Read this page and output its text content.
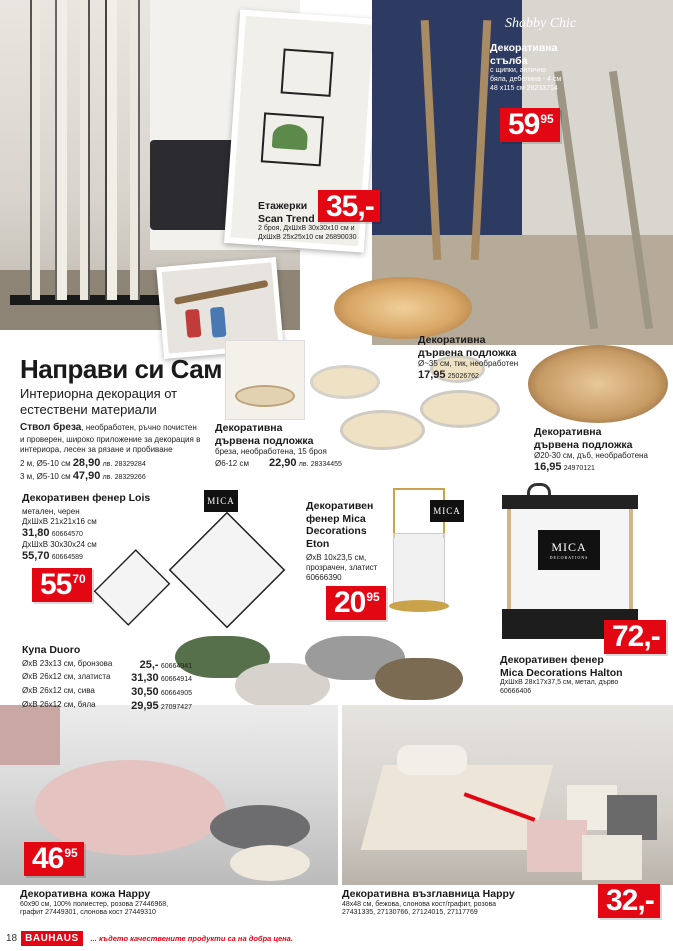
MICA
MICA
MICA
DECORATIONS
Направи си Сам
Интериорна декорация от
естествени материали
Ствол бреза, необработен, ръчно почистен
и проверен, широко приложение за декорация в
интериора, лесен за рязане и пробиване
2 м, Ø5-10 см 28,90 лв. 28329284
3 м, Ø5-10 см 47,90 лв. 28329266
Етажерки
Scan Trend
2 броя, ДхШхВ 30х30х10 см и
ДхШхВ 25х25х10 см 26890030
35,-
Shabby Chic
Декоративна
стълба
с щипки, антично
бяла, дебелина - 4 см
48 х115 см 26233714
59 95
Декоративна
дървена подложка
Ø~35 см, тик, необработен
17,95 25026762
Декоративна
дървена подложка
бреза, необработена, 15 броя
Ø6-12 см 22,90 лв. 28334455
Декоративна
дървена подложка
Ø20-30 см, дъб, необработена
16,95 24970121
Декоративен фенер Lois
метален, черен
ДхШхВ 21х21х16 см
31,80 60664570
ДхШхВ 30х30х24 см
55,70 60664589
55 70
Декоративен
фенер Mica
Decorations
Eton
ØхВ 10х23,5 см,
прозрачен, златист
60666390
20 95
72,-
Декоративен фенер
Mica Decorations Halton
ДхШхВ 28х17х37,5 см, метал, дърво
60666406
Купа Duoro
ØхВ 23х13 см, бронзова 25,- 60664941
ØхВ 26х12 см, златиста 31,30 60664914
ØхВ 26х12 см, сива	30,50 60664905
ØхВ 26х12 см, бяла	29,95 27097427
46 95
Декоративна кожа Happy
60х90 см, 100% полиестер, розова 27446968,
графит 27449301, слонова кост 27449310
Декоративна възглавница Happy
48х48 см, бежова, слонова кост/графит, розова
27431335, 27130766, 27124015, 27117769	32,-
18 BAUHAUS	... където качествените продукти са на добра цена.
